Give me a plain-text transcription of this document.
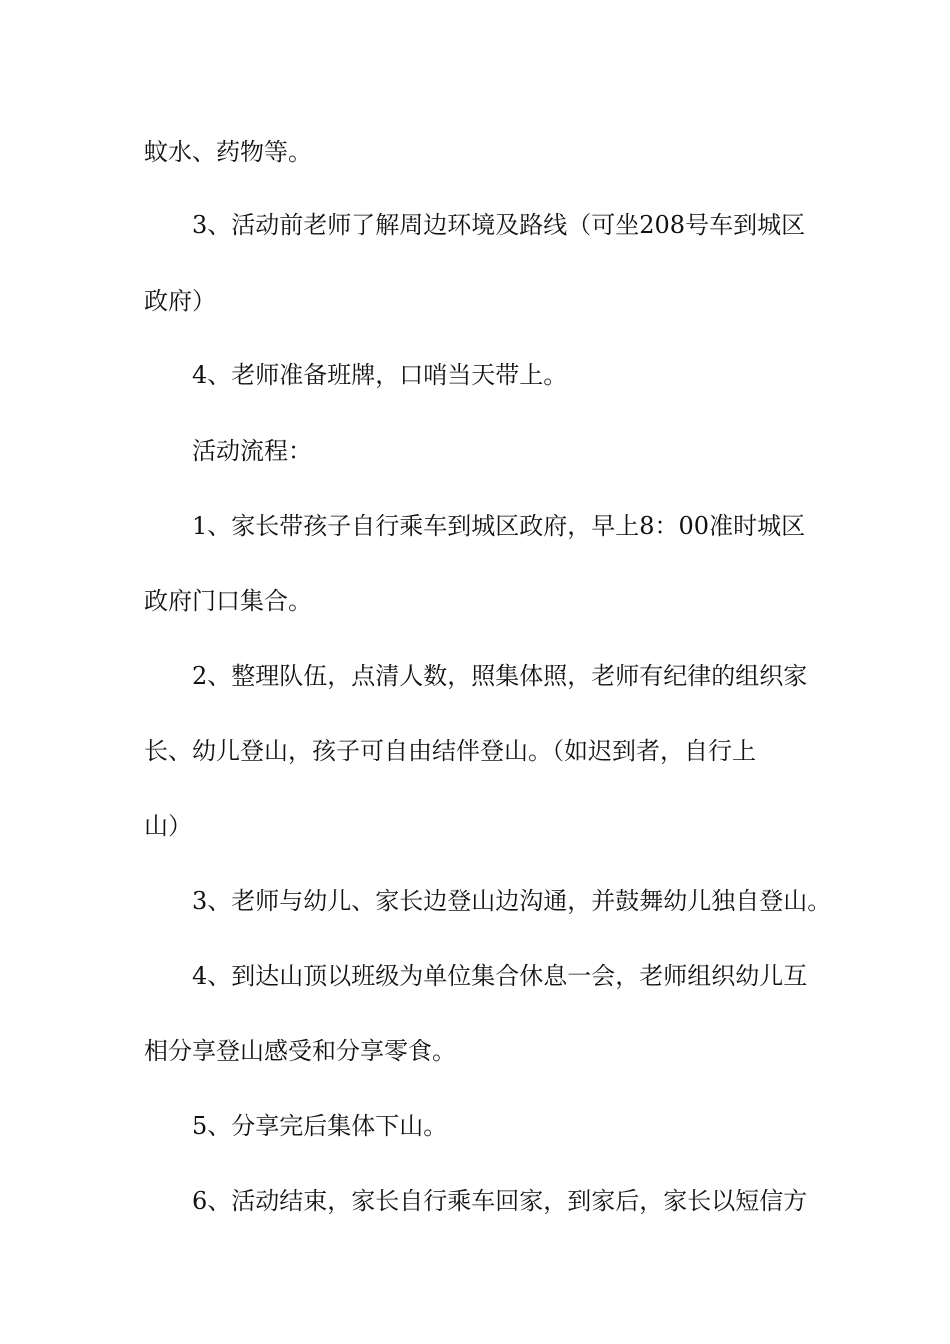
蚊水、药物等。
3、活动前老师了解周边环境及路线（可坐208号车到城区
政府）
4、老师准备班牌，口哨当天带上。
活动流程：
1、家长带孩子自行乘车到城区政府，早上8：00准时城区
政府门口集合。
2、整理队伍，点清人数，照集体照，老师有纪律的组织家
长、幼儿登山，孩子可自由结伴登山。（如迟到者，自行上
山）
3、老师与幼儿、家长边登山边沟通，并鼓舞幼儿独自登山。
4、到达山顶以班级为单位集合休息一会，老师组织幼儿互
相分享登山感受和分享零食。
5、分享完后集体下山。
6、活动结束，家长自行乘车回家，到家后，家长以短信方
